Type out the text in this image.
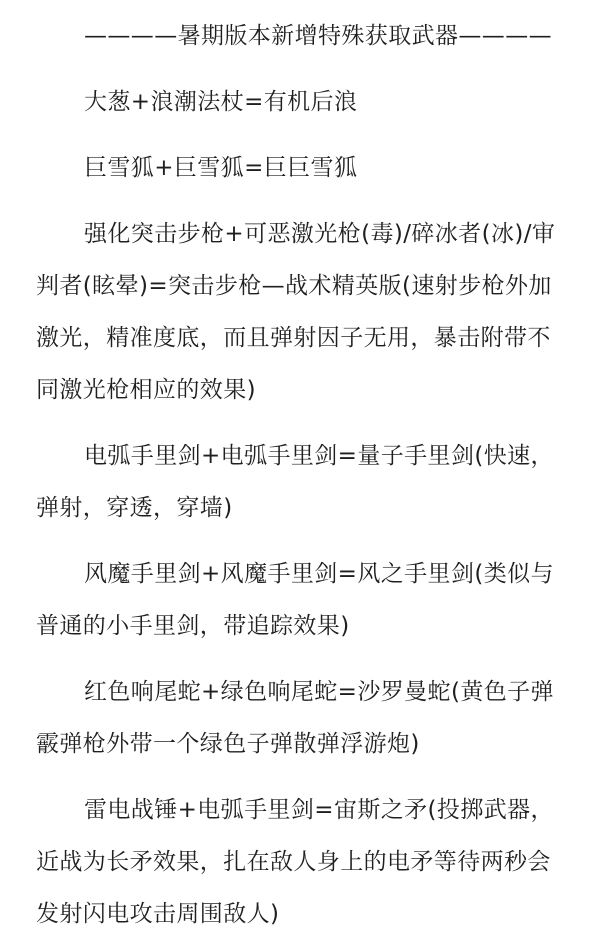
————暑期版本新增特殊获取武器————
大葱+浪潮法杖=有机后浪
巨雪狐+巨雪狐=巨巨雪狐
强化突击步枪+可恶激光枪(毒)/碎冰者(冰)/审判者(眩晕)=突击步枪—战术精英版(速射步枪外加激光，精准度底，而且弹射因子无用，暴击附带不同激光枪相应的效果)
电弧手里剑+电弧手里剑=量子手里剑(快速，弹射，穿透，穿墙)
风魔手里剑+风魔手里剑=风之手里剑(类似与普通的小手里剑，带追踪效果)
红色响尾蛇+绿色响尾蛇=沙罗曼蛇(黄色子弹霰弹枪外带一个绿色子弹散弹浮游炮)
雷电战锤+电弧手里剑=宙斯之矛(投掷武器，近战为长矛效果，扎在敌人身上的电矛等待两秒会发射闪电攻击周围敌人)
